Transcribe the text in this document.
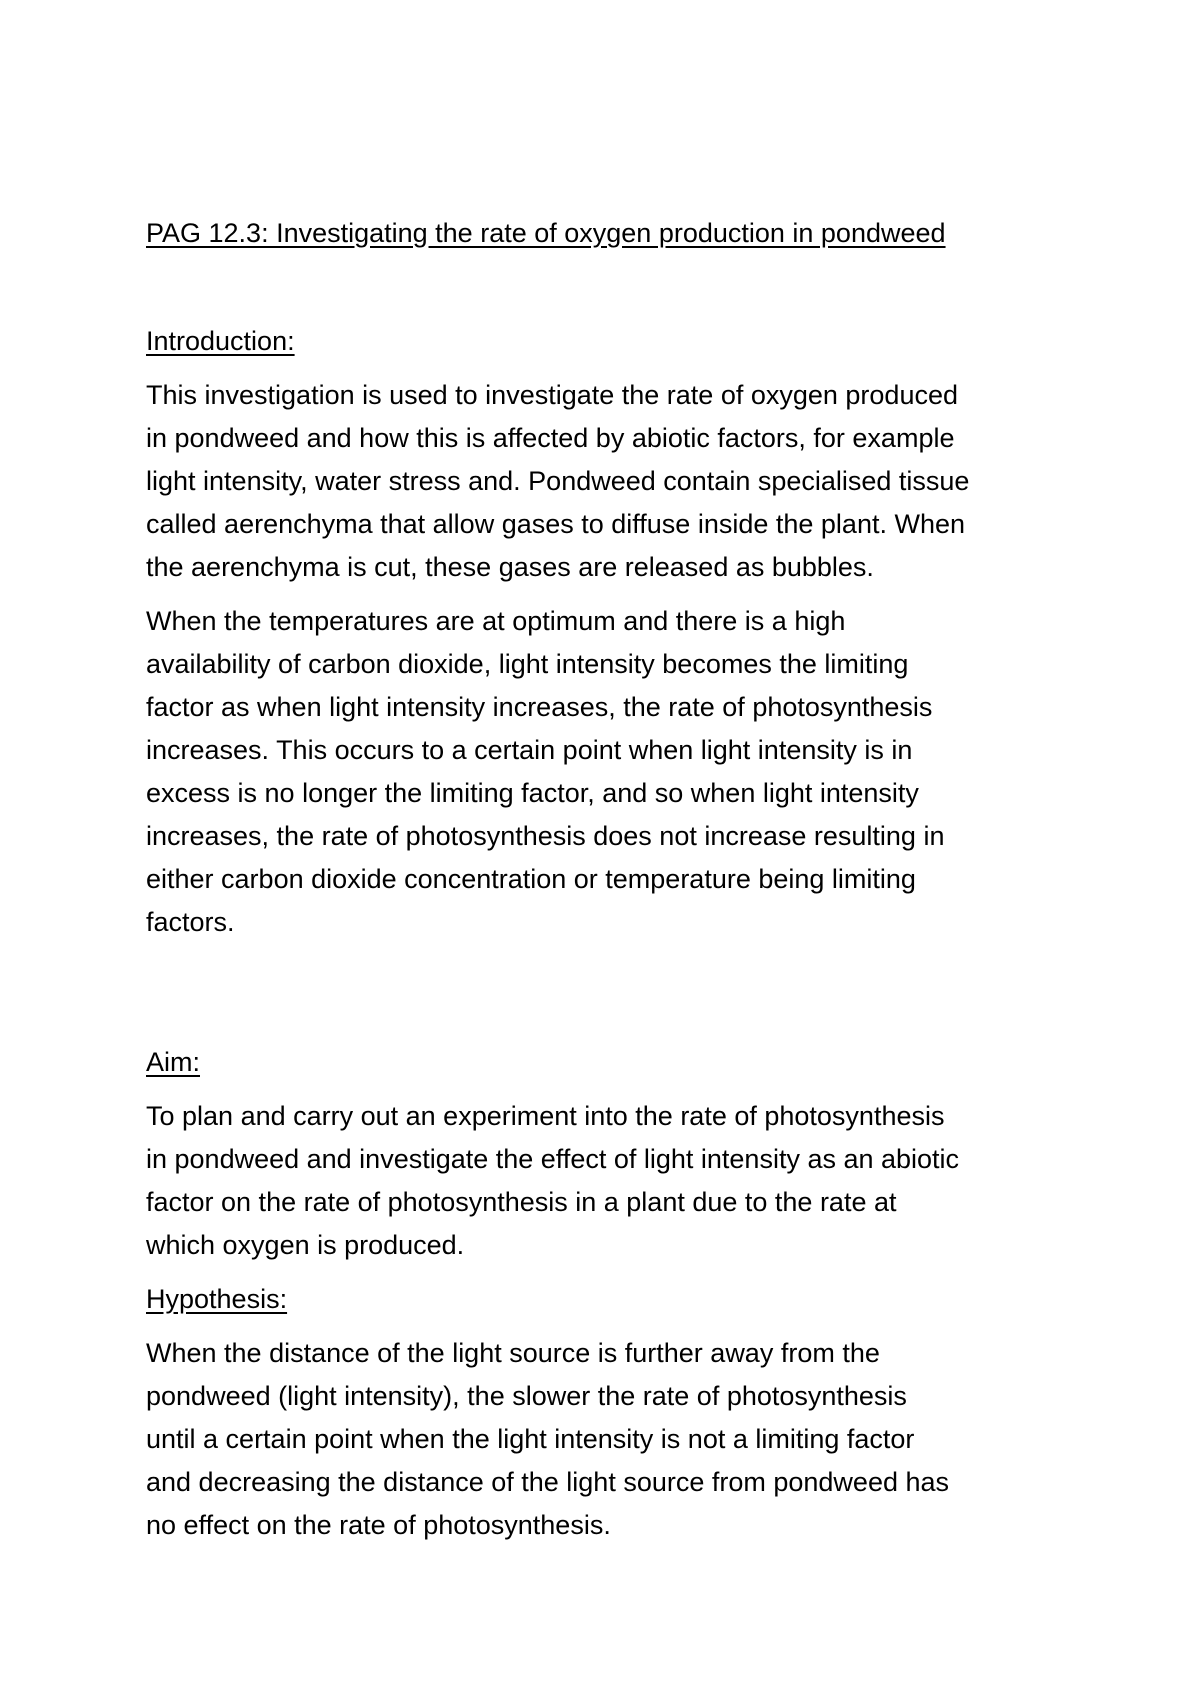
PAG 12.3: Investigating the rate of oxygen production in pondweed
Introduction:

This investigation is used to investigate the rate of oxygen produced
in pondweed and how this is affected by abiotic factors, for example
light intensity, water stress and. Pondweed contain specialised tissue
called aerenchyma that allow gases to diffuse inside the plant. When
the aerenchyma is cut, these gases are released as bubbles.

When the temperatures are at optimum and there is a high
availability of carbon dioxide, light intensity becomes the limiting
factor as when light intensity increases, the rate of photosynthesis
increases. This occurs to a certain point when light intensity is in
excess is no longer the limiting factor, and so when light intensity
increases, the rate of photosynthesis does not increase resulting in
either carbon dioxide concentration or temperature being limiting
factors.

Aim:

To plan and carry out an experiment into the rate of photosynthesis
in pondweed and investigate the effect of light intensity as an abiotic
factor on the rate of photosynthesis in a plant due to the rate at
which oxygen is produced.

Hypothesis:

When the distance of the light source is further away from the
pondweed (light intensity), the slower the rate of photosynthesis
until a certain point when the light intensity is not a limiting factor
and decreasing the distance of the light source from pondweed has
no effect on the rate of photosynthesis.
